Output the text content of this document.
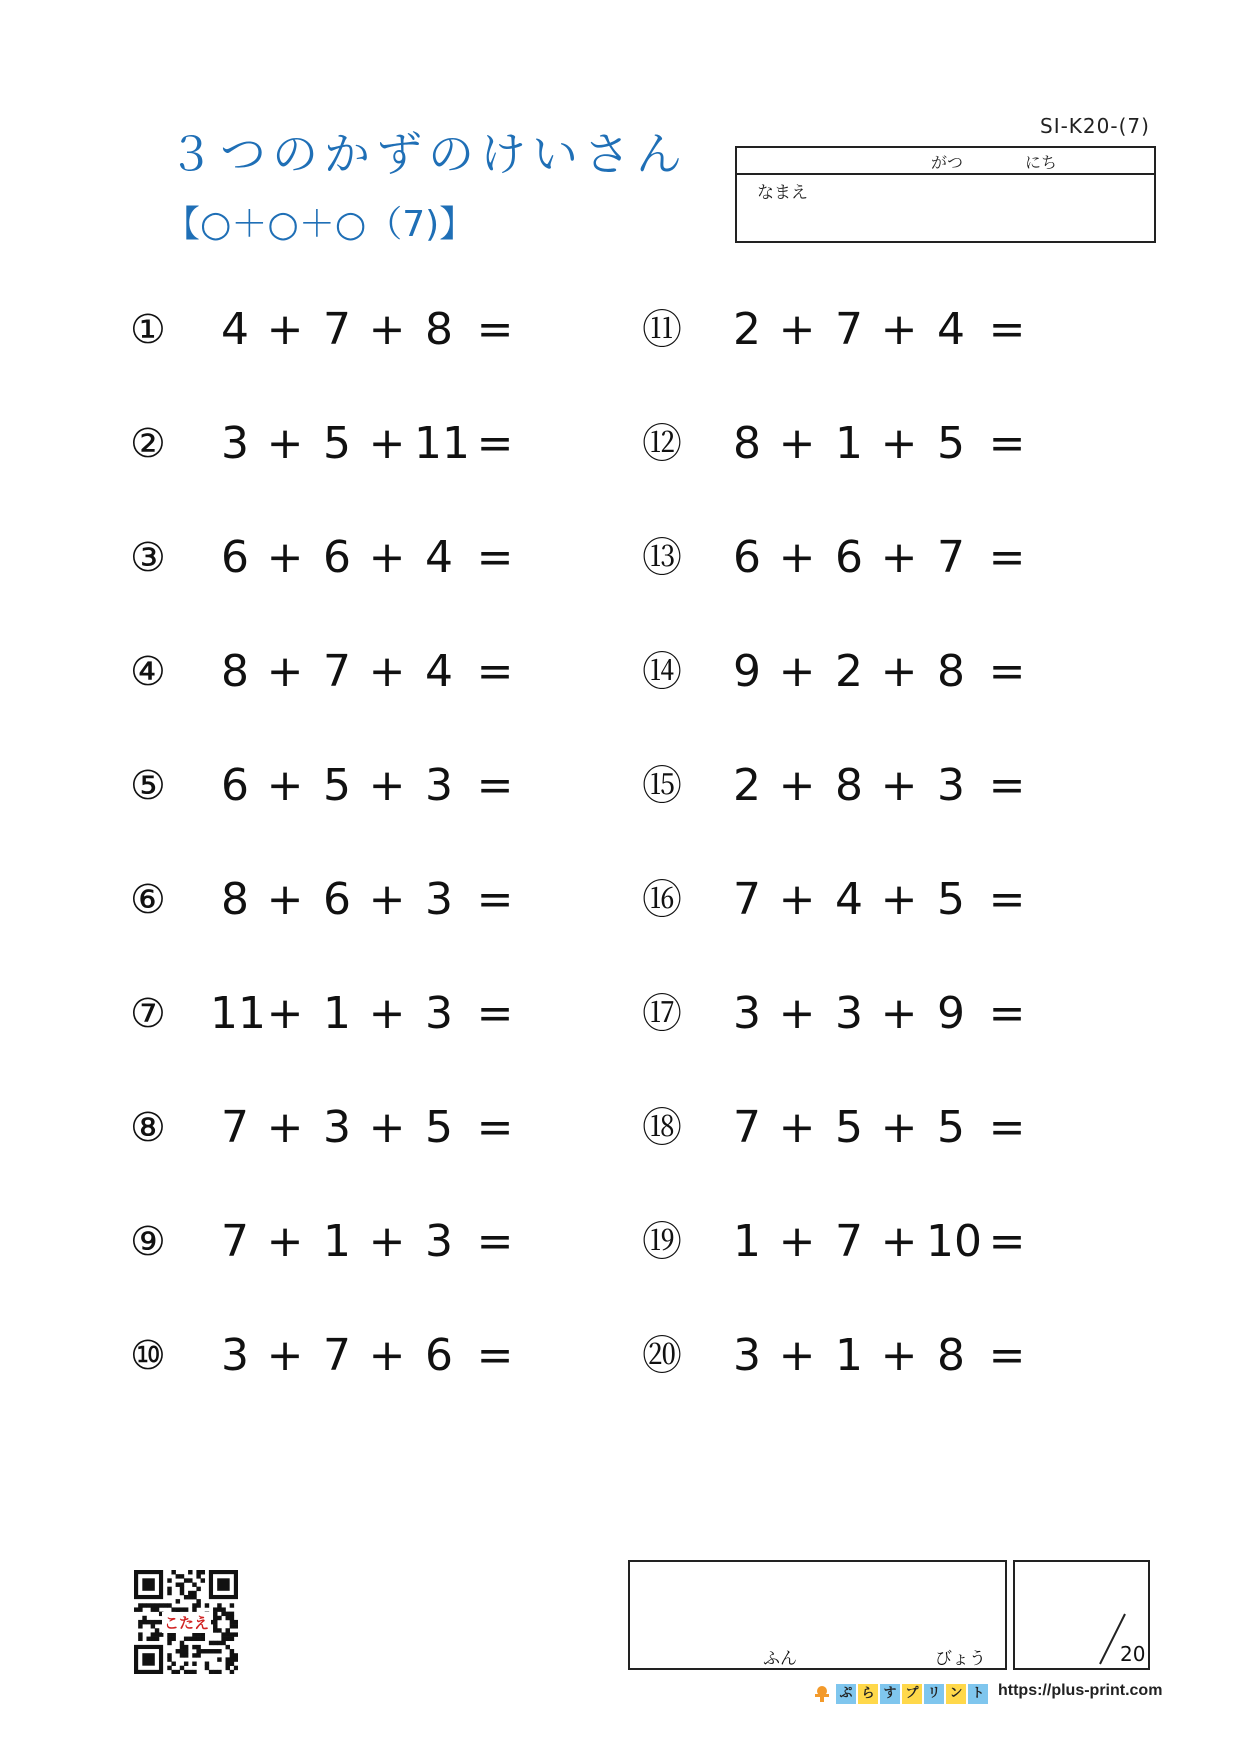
３つのかずのけいさん
【○＋○＋○（7)】
SI-K20-(7)
がつ	にち
なまえ
① 4 + 7 + 8 =
② 3 + 5 + 11 =
③ 6 + 6 + 4 =
④ 8 + 7 + 4 =
⑤ 6 + 5 + 3 =
⑥ 8 + 6 + 3 =
⑦ 11 + 1 + 3 =
⑧ 7 + 3 + 5 =
⑨ 7 + 1 + 3 =
⑩ 3 + 7 + 6 =
⑪ 2 + 7 + 4 =
⑫ 8 + 1 + 5 =
⑬ 6 + 6 + 7 =
⑭ 9 + 2 + 8 =
⑮ 2 + 8 + 3 =
⑯ 7 + 4 + 5 =
⑰ 3 + 3 + 9 =
⑱ 7 + 5 + 5 =
⑲ 1 + 7 + 10 =
⑳ 3 + 1 + 8 =
ふん	びょう	20
こたえ
ぷ ら す プ リ ン ト https://plus-print.com
